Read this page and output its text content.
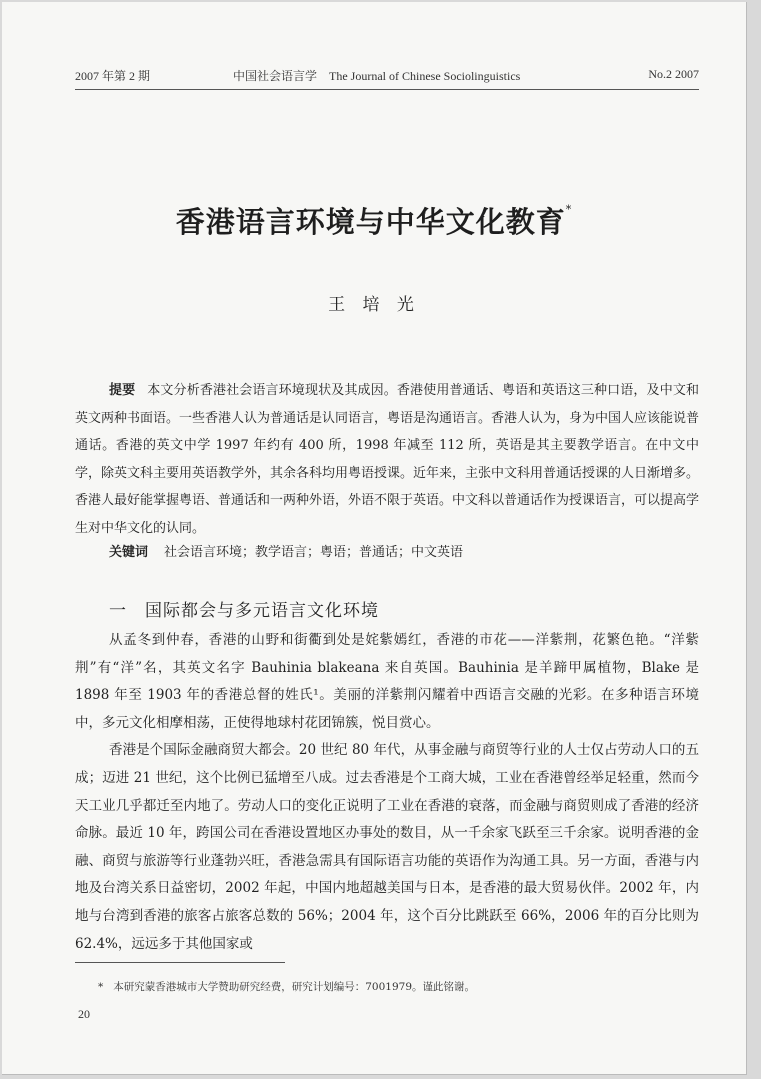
2007 年第 2 期	中国社会语言学    The Journal of Chinese Sociolinguistics	No.2 2007
香港语言环境与中华文化教育*
王 培 光

提要 本文分析香港社会语言环境现状及其成因。香港使用普通话、粤语和英语这三种口语，及中文和英文两种书面语。一些香港人认为普通话是认同语言，粤语是沟通语言。香港人认为，身为中国人应该能说普通话。香港的英文中学 1997 年约有 400 所，1998 年减至 112 所，英语是其主要教学语言。在中文中学，除英文科主要用英语教学外，其余各科均用粤语授课。近年来，主张中文科用普通话授课的人日渐增多。香港人最好能掌握粤语、普通话和一两种外语，外语不限于英语。中文科以普通话作为授课语言，可以提高学生对中华文化的认同。

关键词 社会语言环境；教学语言；粤语；普通话；中文英语
一 国际都会与多元语言文化环境

从孟冬到仲春，香港的山野和街衢到处是姹紫嫣红，香港的市花——洋紫荆，花繁色艳。“洋紫荆”有“洋”名，其英文名字 Bauhinia blakeana 来自英国。Bauhinia 是羊蹄甲属植物，Blake 是 1898 年至 1903 年的香港总督的姓氏¹。美丽的洋紫荆闪耀着中西语言交融的光彩。在多种语言环境中，多元文化相摩相荡，正使得地球村花团锦簇，悦目赏心。

香港是个国际金融商贸大都会。20 世纪 80 年代，从事金融与商贸等行业的人士仅占劳动人口的五成；迈进 21 世纪，这个比例已猛增至八成。过去香港是个工商大城，工业在香港曾经举足轻重，然而今天工业几乎都迁至内地了。劳动人口的变化正说明了工业在香港的衰落，而金融与商贸则成了香港的经济命脉。最近 10 年，跨国公司在香港设置地区办事处的数目，从一千余家飞跃至三千余家。说明香港的金融、商贸与旅游等行业蓬勃兴旺，香港急需具有国际语言功能的英语作为沟通工具。另一方面，香港与内地及台湾关系日益密切，2002 年起，中国内地超越美国与日本，是香港的最大贸易伙伴。2002 年，内地与台湾到香港的旅客占旅客总数的 56%；2004 年，这个百分比跳跃至 66%，2006 年的百分比则为 62.4%，远远多于其他国家或

* 本研究蒙香港城市大学赞助研究经费，研究计划编号：7001979。谨此铭谢。
20
